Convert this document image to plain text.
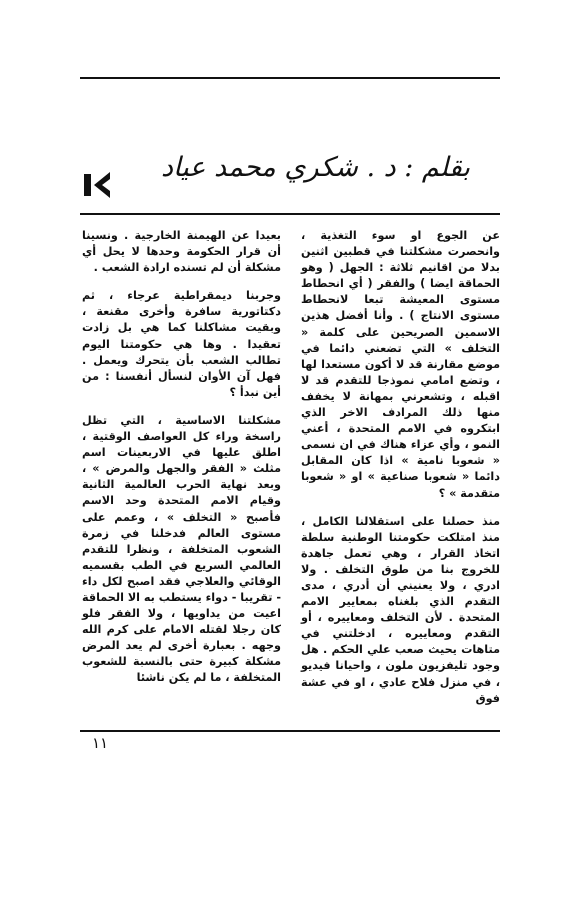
بقلم : د . شكري محمد عياد

بعيدا عن الهيمنة الخارجية . ونسينا أن قرار الحكومة وحدها لا يحل أي مشكلة أن لم تسنده ارادة الشعب .

وجربنا ديمقراطية عرجاء ، ثم دكتاتورية سافرة وأخرى مقنعة ، وبقيت مشاكلنا كما هي بل زادت تعقيدا . وها هي حكومتنا اليوم تطالب الشعب بأن يتحرك ويعمل . فهل آن الأوان لنسأل أنفسنا : من أين نبدأ ؟

مشكلتنا الاساسية ، التي تظل راسخة وراء كل العواصف الوقتية ، اطلق عليها في الاربعينات اسم مثلث « الفقر والجهل والمرض » ، وبعد نهاية الحرب العالمية الثانية وقيام الامم المتحدة وحد الاسم فأصبح « التخلف » ، وعمم على مستوى العالم فدخلنا في زمرة الشعوب المتخلفة ، ونظرا للتقدم العالمي السريع في الطب بقسميه الوقائي والعلاجي فقد اصبح لكل داء - تقريبا - دواء يستطب به الا الحماقة اعيت من يداويها ، ولا الفقر فلو كان رجلا لقتله الامام على كرم الله وجهه . بعبارة أخرى لم يعد المرض مشكلة كبيرة حتى بالنسبة للشعوب المتخلفة ، ما لم يكن ناشئا

عن الجوع او سوء التغذية ، وانحصرت مشكلتنا في قطبين اثنين بدلا من اقانيم ثلاثة : الجهل ( وهو الحماقة ايضا ) والفقر ( أي انحطاط مستوى المعيشة تبعا لانحطاط مستوى الانتاج ) . وأنا أفضل هذين الاسمين الصريحين على كلمة « التخلف » التي تضعني دائما في موضع مقارنة قد لا أكون مستعدا لها ، وتضع امامي نموذجا للتقدم قد لا اقبله ، وتشعرني بمهانة لا يخفف منها ذلك المرادف الاخر الذي ابتكروه في الامم المتحدة ، أعني النمو ، وأي عزاء هناك في ان نسمى « شعوبا نامية » اذا كان المقابل دائما « شعوبا صناعية » او « شعوبا متقدمة » ؟

منذ حصلنا على استقلالنا الكامل ، منذ امتلكت حكومتنا الوطنية سلطة اتخاذ القرار ، وهي تعمل جاهدة للخروج بنا من طوق التخلف . ولا ادري ، ولا يعنيني أن أدري ، مدى التقدم الذي بلغناه بمعايير الامم المتحدة . لأن التخلف ومعاييره ، أو التقدم ومعاييره ، ادخلتني في متاهات يحيث صعب علي الحكم . هل وجود تليفزيون ملون ، واحيانا فيديو ، في منزل فلاح عادي ، او في عشة فوق

١١
